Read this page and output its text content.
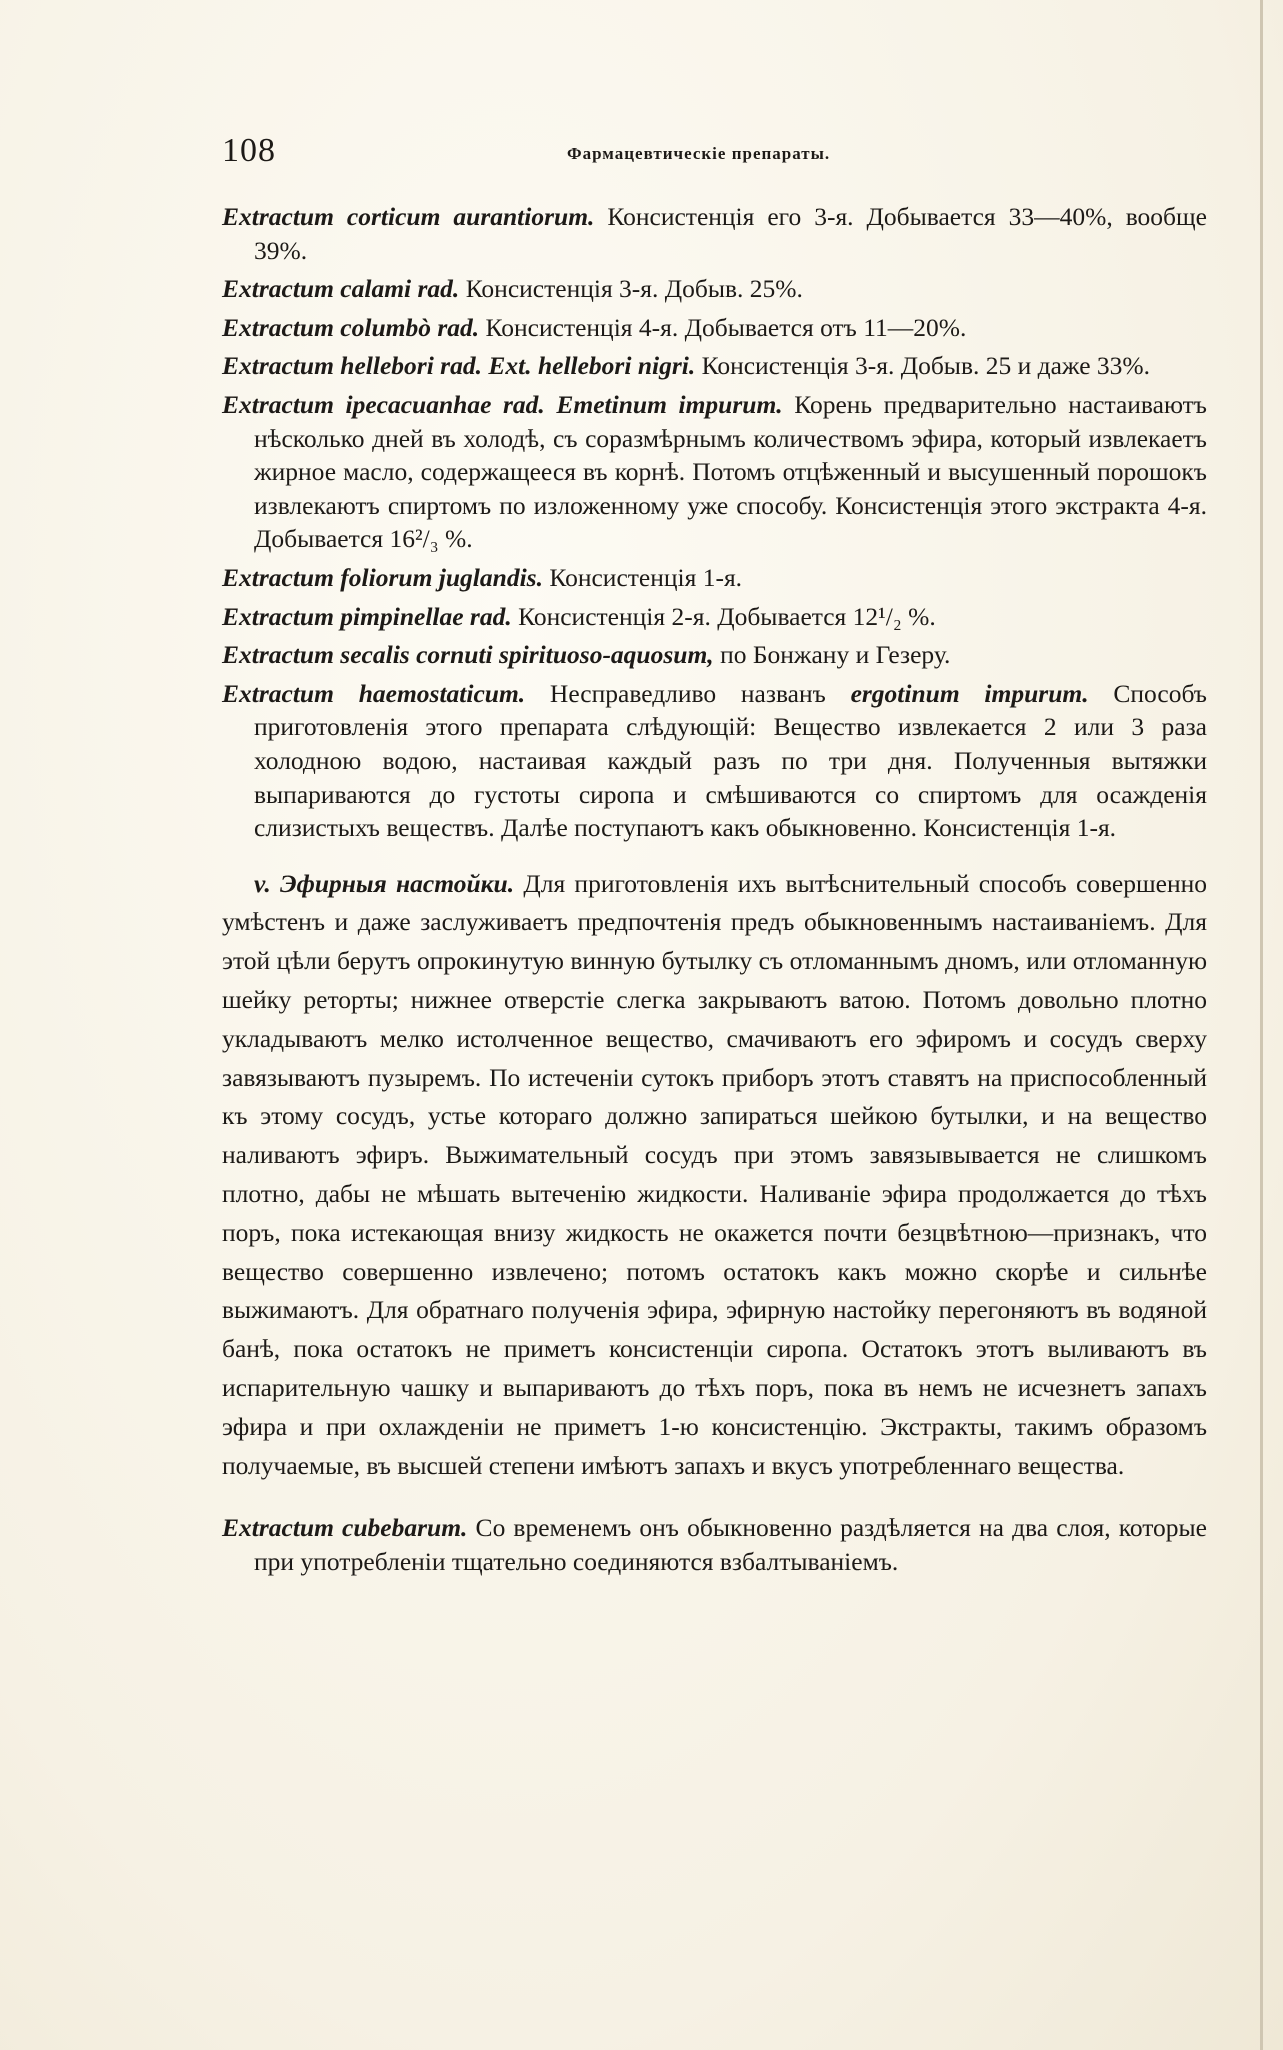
108	Фармацевтическіе препараты.

Extractum corticum aurantiorum. Консистенція его 3-я. Добывается 33—40%, вообще 39%.

Extractum calami rad. Консистенція 3-я. Добыв. 25%.

Extractum columbò rad. Консистенція 4-я. Добывается отъ 11—20%.

Extractum hellebori rad. Ext. hellebori nigri. Консистенція 3-я. Добыв. 25 и даже 33%.

Extractum ipecacuanhae rad. Emetinum impurum. Корень предварительно настаиваютъ нѣсколько дней въ холодѣ, съ соразмѣрнымъ количествомъ эфира, который извлекаетъ жирное масло, содержащееся въ корнѣ. Потомъ отцѣженный и высушенный порошокъ извлекаютъ спиртомъ по изложенному уже способу. Консистенція этого экстракта 4-я. Добывается 16²/₃ %.

Extractum foliorum juglandis. Консистенція 1-я.

Extractum pimpinellae rad. Консистенція 2-я. Добывается 12¹/₂ %.

Extractum secalis cornuti spirituoso-aquosum, по Бонжану и Гезеру.

Extractum haemostaticum. Несправедливо названъ ergotinum impurum. Способъ приготовленія этого препарата слѣдующій: Вещество извлекается 2 или 3 раза холодною водою, настаивая каждый разъ по три дня. Полученныя вытяжки выпариваются до густоты сиропа и смѣшиваются со спиртомъ для осажденія слизистыхъ веществъ. Далѣе поступаютъ какъ обыкновенно. Консистенція 1-я.

v. Эфирныя настойки. Для приготовленія ихъ вытѣснительный способъ совершенно умѣстенъ и даже заслуживаетъ предпочтенія предъ обыкновеннымъ настаиваніемъ. Для этой цѣли берутъ опрокинутую винную бутылку съ отломаннымъ дномъ, или отломанную шейку реторты; нижнее отверстіе слегка закрываютъ ватою. Потомъ довольно плотно укладываютъ мелко истолченное вещество, смачиваютъ его эфиромъ и сосудъ сверху завязываютъ пузыремъ. По истеченіи сутокъ приборъ этотъ ставятъ на приспособленный къ этому сосудъ, устье котораго должно запираться шейкою бутылки, и на вещество наливаютъ эфиръ. Выжимательный сосудъ при этомъ завязывывается не слишкомъ плотно, дабы не мѣшать вытеченію жидкости. Наливаніе эфира продолжается до тѣхъ поръ, пока истекающая внизу жидкость не окажется почти безцвѣтною—признакъ, что вещество совершенно извлечено; потомъ остатокъ какъ можно скорѣе и сильнѣе выжимаютъ. Для обратнаго полученія эфира, эфирную настойку перегоняютъ въ водяной банѣ, пока остатокъ не приметъ консистенціи сиропа. Остатокъ этотъ выливаютъ въ испарительную чашку и выпариваютъ до тѣхъ поръ, пока въ немъ не исчезнетъ запахъ эфира и при охлажденіи не приметъ 1-ю консистенцію. Экстракты, такимъ образомъ получаемые, въ высшей степени имѣютъ запахъ и вкусъ употребленнаго вещества.

Extractum cubebarum. Со временемъ онъ обыкновенно раздѣляется на два слоя, которые при употребленіи тщательно соединяются взбалтываніемъ.
